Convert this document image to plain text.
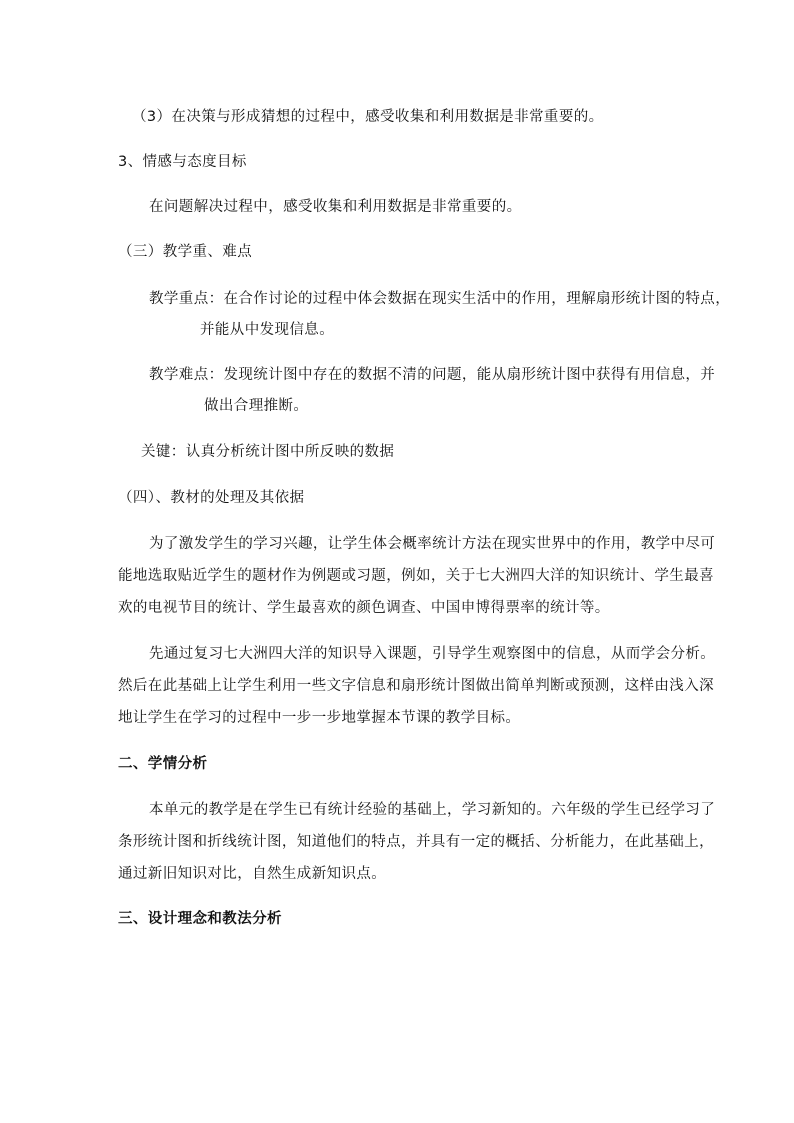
（3）在决策与形成猜想的过程中，感受收集和利用数据是非常重要的。
3、情感与态度目标
在问题解决过程中，感受收集和利用数据是非常重要的。
（三）教学重、难点
教学重点：在合作讨论的过程中体会数据在现实生活中的作用，理解扇形统计图的特点，
并能从中发现信息。
教学难点：发现统计图中存在的数据不清的问题，能从扇形统计图中获得有用信息，并
做出合理推断。
关键：认真分析统计图中所反映的数据
（四）、教材的处理及其依据
为了激发学生的学习兴趣，让学生体会概率统计方法在现实世界中的作用，教学中尽可
能地选取贴近学生的题材作为例题或习题，例如，关于七大洲四大洋的知识统计、学生最喜
欢的电视节目的统计、学生最喜欢的颜色调查、中国申博得票率的统计等。
先通过复习七大洲四大洋的知识导入课题，引导学生观察图中的信息，从而学会分析。
然后在此基础上让学生利用一些文字信息和扇形统计图做出简单判断或预测，这样由浅入深
地让学生在学习的过程中一步一步地掌握本节课的教学目标。
二、学情分析
本单元的教学是在学生已有统计经验的基础上，学习新知的。六年级的学生已经学习了
条形统计图和折线统计图，知道他们的特点，并具有一定的概括、分析能力，在此基础上，
通过新旧知识对比，自然生成新知识点。
三、设计理念和教法分析
